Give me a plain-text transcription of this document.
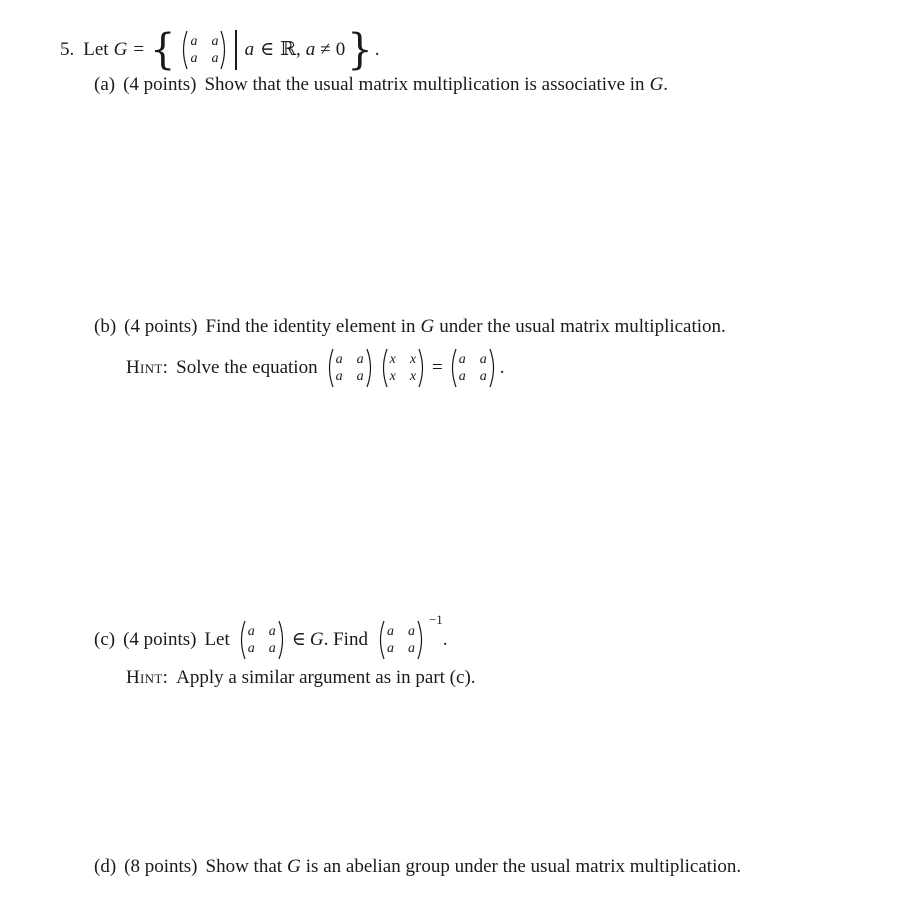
5. Let G = { a a
a a a ∈ ℝ , a ≠ 0 } .
(a) (4 points) Show that the usual matrix multiplication is associative in G .
(b) (4 points) Find the identity element in G under the usual matrix multiplication.
Hint: Solve the equation a a
a a
x x
x x = a a
a a .
(c) (4 points) Let a a
a a ∈ G . Find a a
a a
−1
.
Hint: Apply a similar argument as in part (c).
(d) (8 points) Show that G is an abelian group under the usual matrix multiplication.
